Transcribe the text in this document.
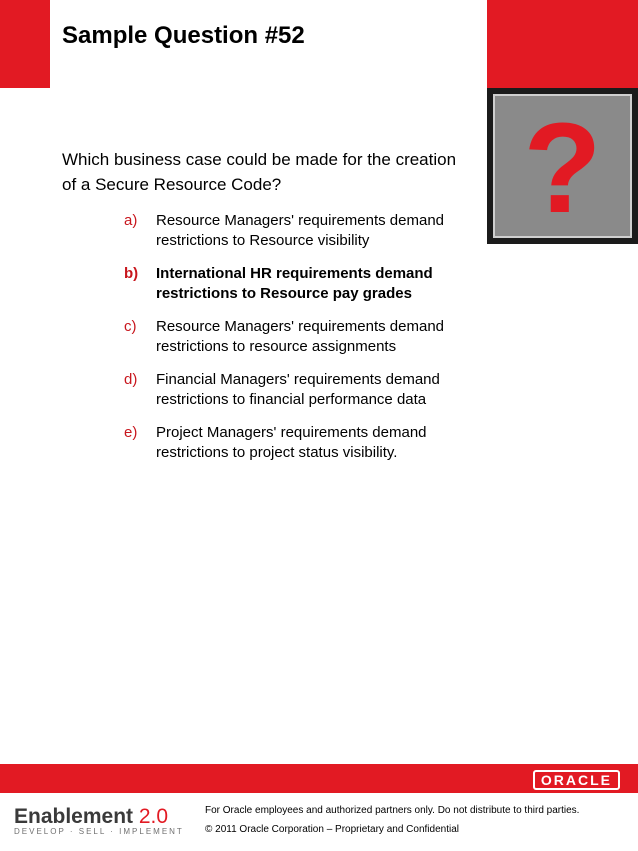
Sample Question #52
?
Which business case could be made for the creation of a Secure Resource Code?
a)	Resource Managers' requirements demand restrictions to Resource visibility
b)	International HR requirements demand restrictions to Resource pay grades
c)	Resource Managers' requirements demand restrictions to resource assignments
d)	Financial Managers' requirements demand restrictions to financial performance data
e)	Project Managers' requirements demand restrictions to project status visibility.
ORACLE
Enablement 2.0
DEVELOP · SELL · IMPLEMENT
For Oracle employees and authorized partners only. Do not distribute to third parties.
© 2011 Oracle Corporation – Proprietary and Confidential
